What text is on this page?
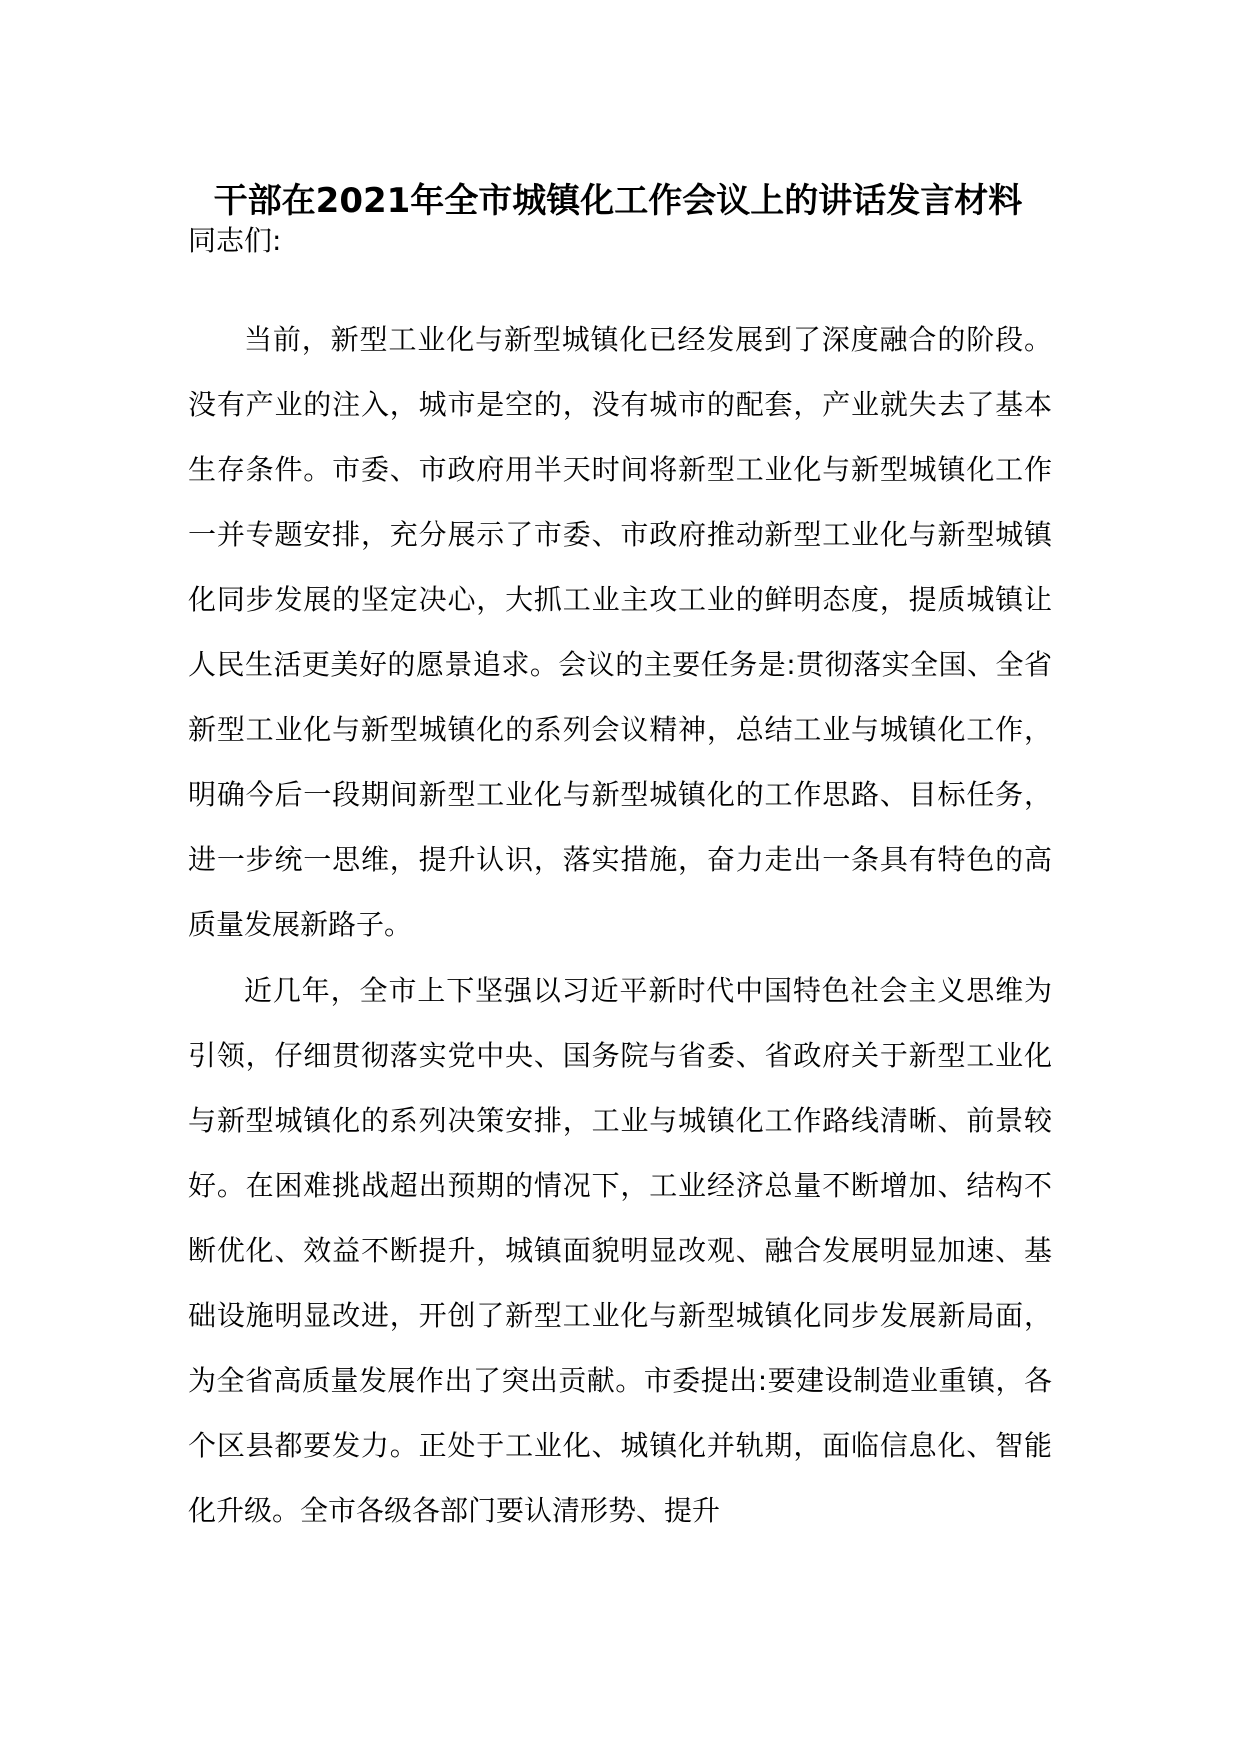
干部在2021年全市城镇化工作会议上的讲话发言材料

同志们:

当前，新型工业化与新型城镇化已经发展到了深度融合的阶段。没有产业的注入，城市是空的，没有城市的配套，产业就失去了基本生存条件。市委、市政府用半天时间将新型工业化与新型城镇化工作一并专题安排，充分展示了市委、市政府推动新型工业化与新型城镇化同步发展的坚定决心，大抓工业主攻工业的鲜明态度，提质城镇让人民生活更美好的愿景追求。会议的主要任务是:贯彻落实全国、全省新型工业化与新型城镇化的系列会议精神，总结工业与城镇化工作，明确今后一段期间新型工业化与新型城镇化的工作思路、目标任务，进一步统一思维，提升认识，落实措施，奋力走出一条具有特色的高质量发展新路子。

近几年，全市上下坚强以习近平新时代中国特色社会主义思维为引领，仔细贯彻落实党中央、国务院与省委、省政府关于新型工业化与新型城镇化的系列决策安排，工业与城镇化工作路线清晰、前景较好。在困难挑战超出预期的情况下，工业经济总量不断增加、结构不断优化、效益不断提升，城镇面貌明显改观、融合发展明显加速、基础设施明显改进，开创了新型工业化与新型城镇化同步发展新局面，为全省高质量发展作出了突出贡献。市委提出:要建设制造业重镇，各个区县都要发力。正处于工业化、城镇化并轨期，面临信息化、智能化升级。全市各级各部门要认清形势、提升
